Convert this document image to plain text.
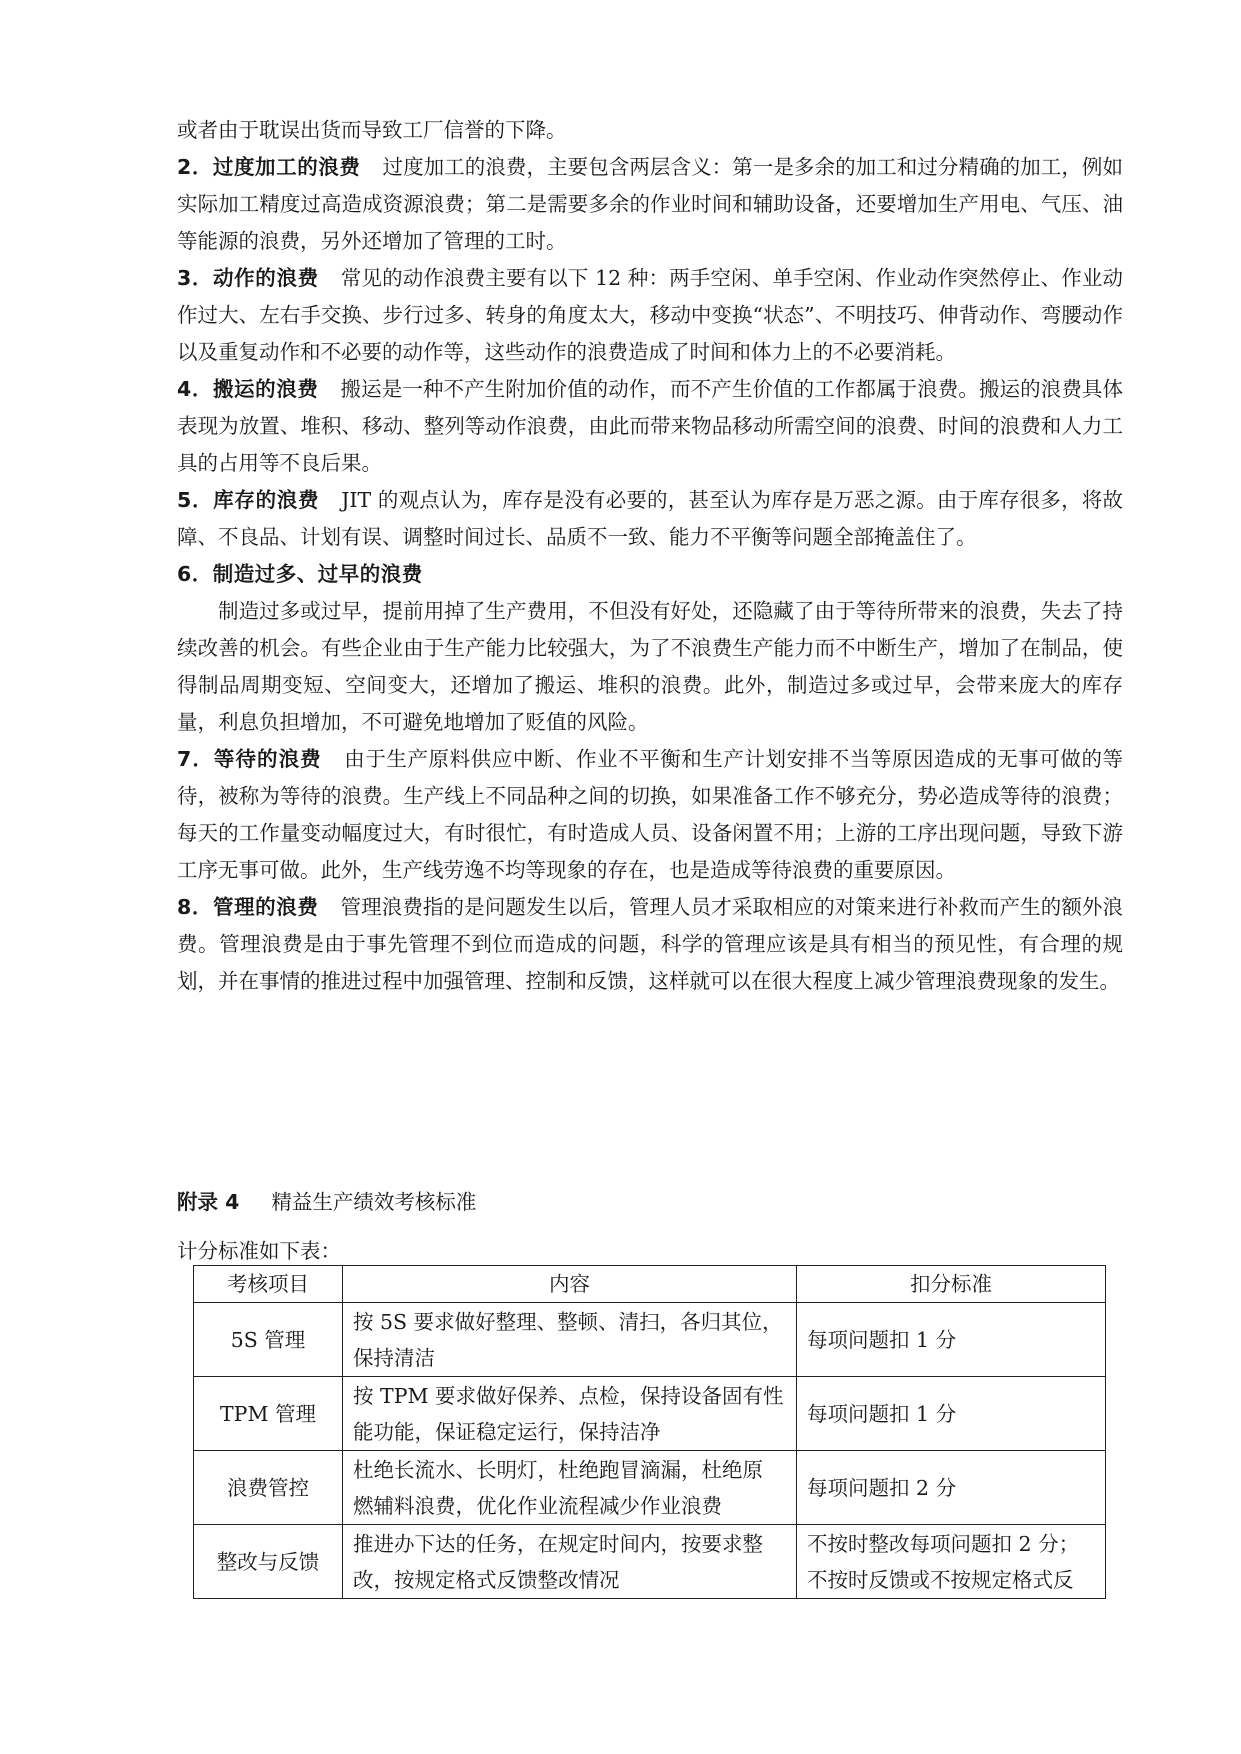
或者由于耽误出货而导致工厂信誉的下降。

2．过度加工的浪费 过度加工的浪费，主要包含两层含义：第一是多余的加工和过分精确的加工，例如实际加工精度过高造成资源浪费；第二是需要多余的作业时间和辅助设备，还要增加生产用电、气压、油等能源的浪费，另外还增加了管理的工时。

3．动作的浪费 常见的动作浪费主要有以下 12 种：两手空闲、单手空闲、作业动作突然停止、作业动作过大、左右手交换、步行过多、转身的角度太大，移动中变换“状态”、不明技巧、伸背动作、弯腰动作以及重复动作和不必要的动作等，这些动作的浪费造成了时间和体力上的不必要消耗。

4．搬运的浪费 搬运是一种不产生附加价值的动作，而不产生价值的工作都属于浪费。搬运的浪费具体表现为放置、堆积、移动、整列等动作浪费，由此而带来物品移动所需空间的浪费、时间的浪费和人力工具的占用等不良后果。

5．库存的浪费 JIT 的观点认为，库存是没有必要的，甚至认为库存是万恶之源。由于库存很多，将故障、不良品、计划有误、调整时间过长、品质不一致、能力不平衡等问题全部掩盖住了。

6．制造过多、过早的浪费

制造过多或过早，提前用掉了生产费用，不但没有好处，还隐藏了由于等待所带来的浪费，失去了持续改善的机会。有些企业由于生产能力比较强大，为了不浪费生产能力而不中断生产，增加了在制品，使得制品周期变短、空间变大，还增加了搬运、堆积的浪费。此外，制造过多或过早，会带来庞大的库存量，利息负担增加，不可避免地增加了贬值的风险。

7．等待的浪费 由于生产原料供应中断、作业不平衡和生产计划安排不当等原因造成的无事可做的等待，被称为等待的浪费。生产线上不同品种之间的切换，如果准备工作不够充分，势必造成等待的浪费；每天的工作量变动幅度过大，有时很忙，有时造成人员、设备闲置不用；上游的工序出现问题，导致下游工序无事可做。此外，生产线劳逸不均等现象的存在，也是造成等待浪费的重要原因。

8．管理的浪费 管理浪费指的是问题发生以后，管理人员才采取相应的对策来进行补救而产生的额外浪费。管理浪费是由于事先管理不到位而造成的问题，科学的管理应该是具有相当的预见性，有合理的规划，并在事情的推进过程中加强管理、控制和反馈，这样就可以在很大程度上减少管理浪费现象的发生。

附录 4 精益生产绩效考核标准
计分标准如下表：
考核项目	内容	扣分标准
5S 管理	按 5S 要求做好整理、整顿、清扫，各归其位，
保持清洁	每项问题扣 1 分

TPM 管理	按 TPM 要求做好保养、点检，保持设备固有性
能功能，保证稳定运行，保持洁净	每项问题扣 1 分

浪费管控	杜绝长流水、长明灯，杜绝跑冒滴漏，杜绝原
燃辅料浪费，优化作业流程减少作业浪费	每项问题扣 2 分

整改与反馈	推进办下达的任务，在规定时间内，按要求整
改，按规定格式反馈整改情况	不按时整改每项问题扣 2 分；
不按时反馈或不按规定格式反
